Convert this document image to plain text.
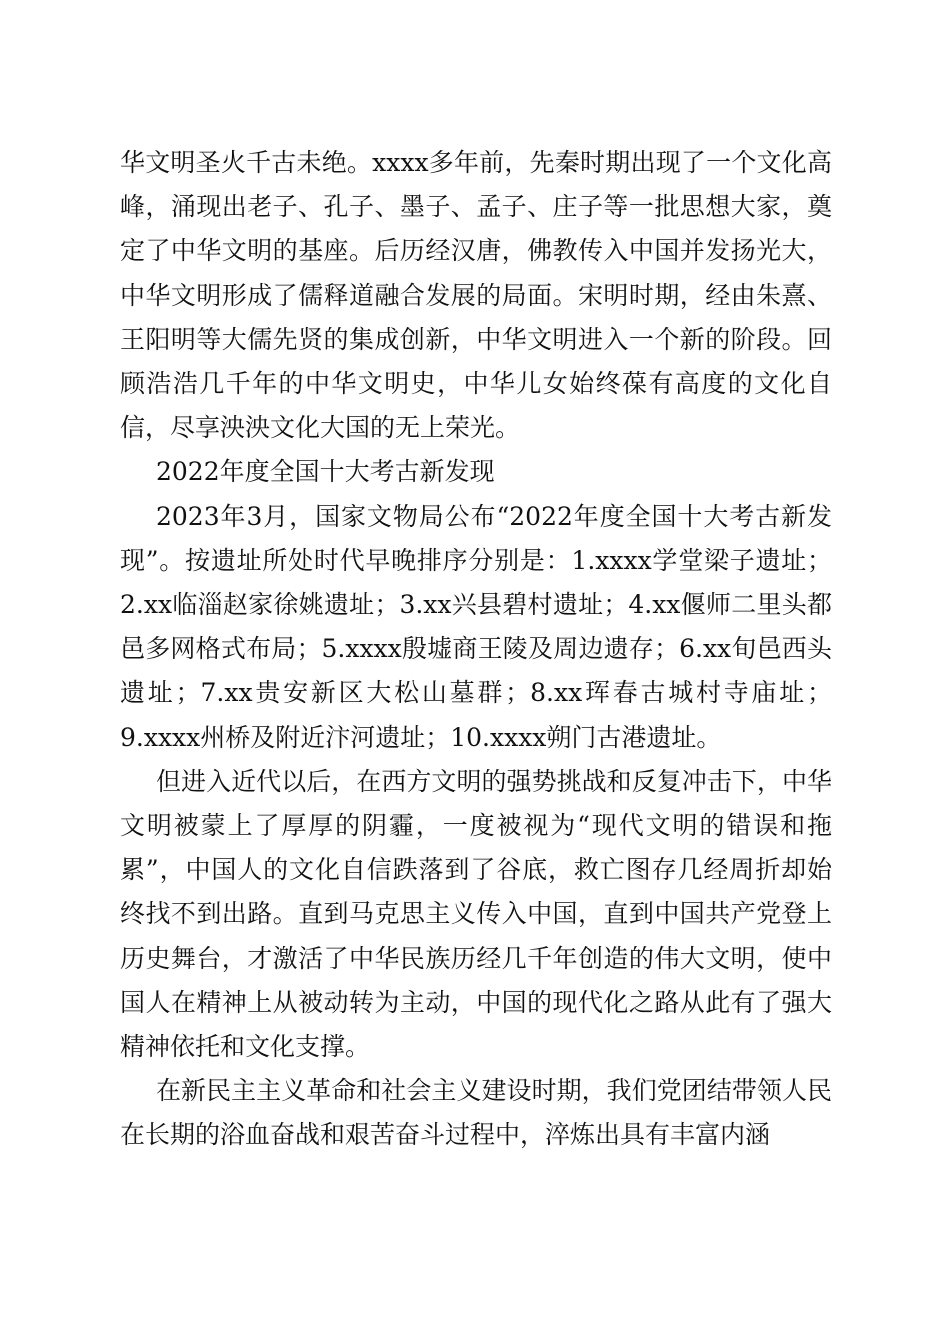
华文明圣火千古未绝。xxxx多年前，先秦时期出现了一个文化高峰，涌现出老子、孔子、墨子、孟子、庄子等一批思想大家，奠定了中华文明的基座。后历经汉唐，佛教传入中国并发扬光大，中华文明形成了儒释道融合发展的局面。宋明时期，经由朱熹、王阳明等大儒先贤的集成创新，中华文明进入一个新的阶段。回顾浩浩几千年的中华文明史，中华儿女始终葆有高度的文化自信，尽享泱泱文化大国的无上荣光。

2022年度全国十大考古新发现

2023年3月，国家文物局公布“2022年度全国十大考古新发现”。按遗址所处时代早晚排序分别是：1.xxxx学堂梁子遗址；2.xx临淄赵家徐姚遗址；3.xx兴县碧村遗址；4.xx偃师二里头都邑多网格式布局；5.xxxx殷墟商王陵及周边遗存；6.xx旬邑西头遗址；7.xx贵安新区大松山墓群；8.xx珲春古城村寺庙址；9.xxxx州桥及附近汴河遗址；10.xxxx朔门古港遗址。

但进入近代以后，在西方文明的强势挑战和反复冲击下，中华文明被蒙上了厚厚的阴霾，一度被视为“现代文明的错误和拖累”，中国人的文化自信跌落到了谷底，救亡图存几经周折却始终找不到出路。直到马克思主义传入中国，直到中国共产党登上历史舞台，才激活了中华民族历经几千年创造的伟大文明，使中国人在精神上从被动转为主动，中国的现代化之路从此有了强大精神依托和文化支撑。

在新民主主义革命和社会主义建设时期，我们党团结带领人民在长期的浴血奋战和艰苦奋斗过程中，淬炼出具有丰富内涵
